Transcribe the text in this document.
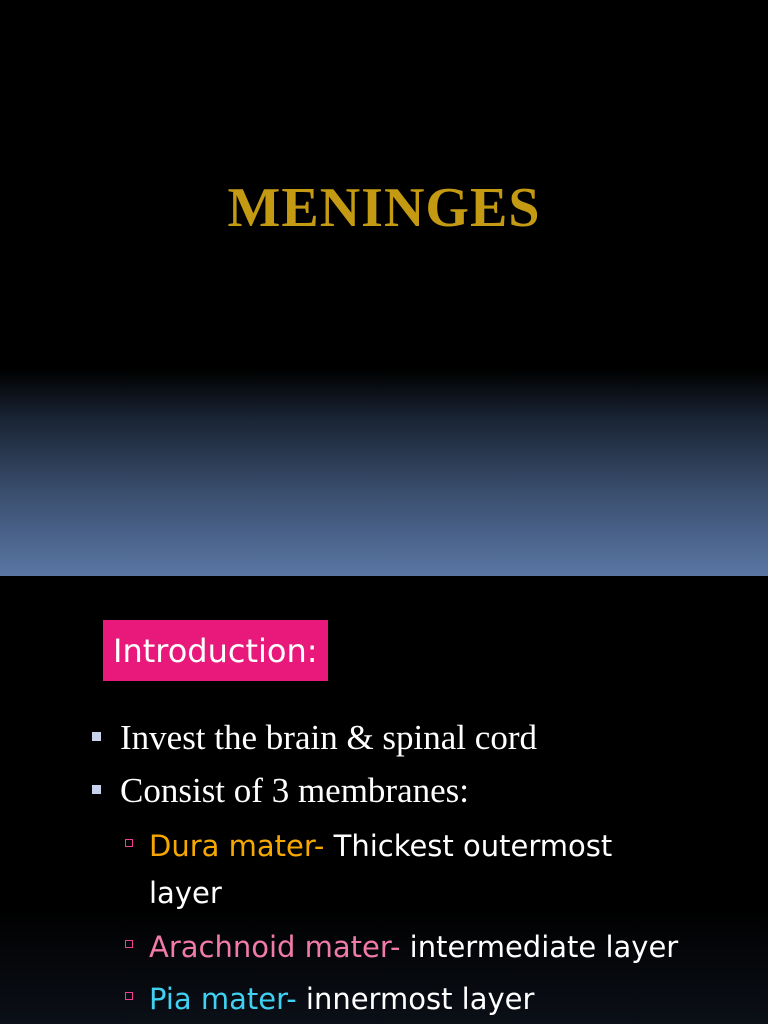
MENINGES
Introduction:
Invest the brain & spinal cord
Consist of 3 membranes:
Dura mater- Thickest outermost
layer
Arachnoid mater- intermediate layer
Pia mater- innermost layer
